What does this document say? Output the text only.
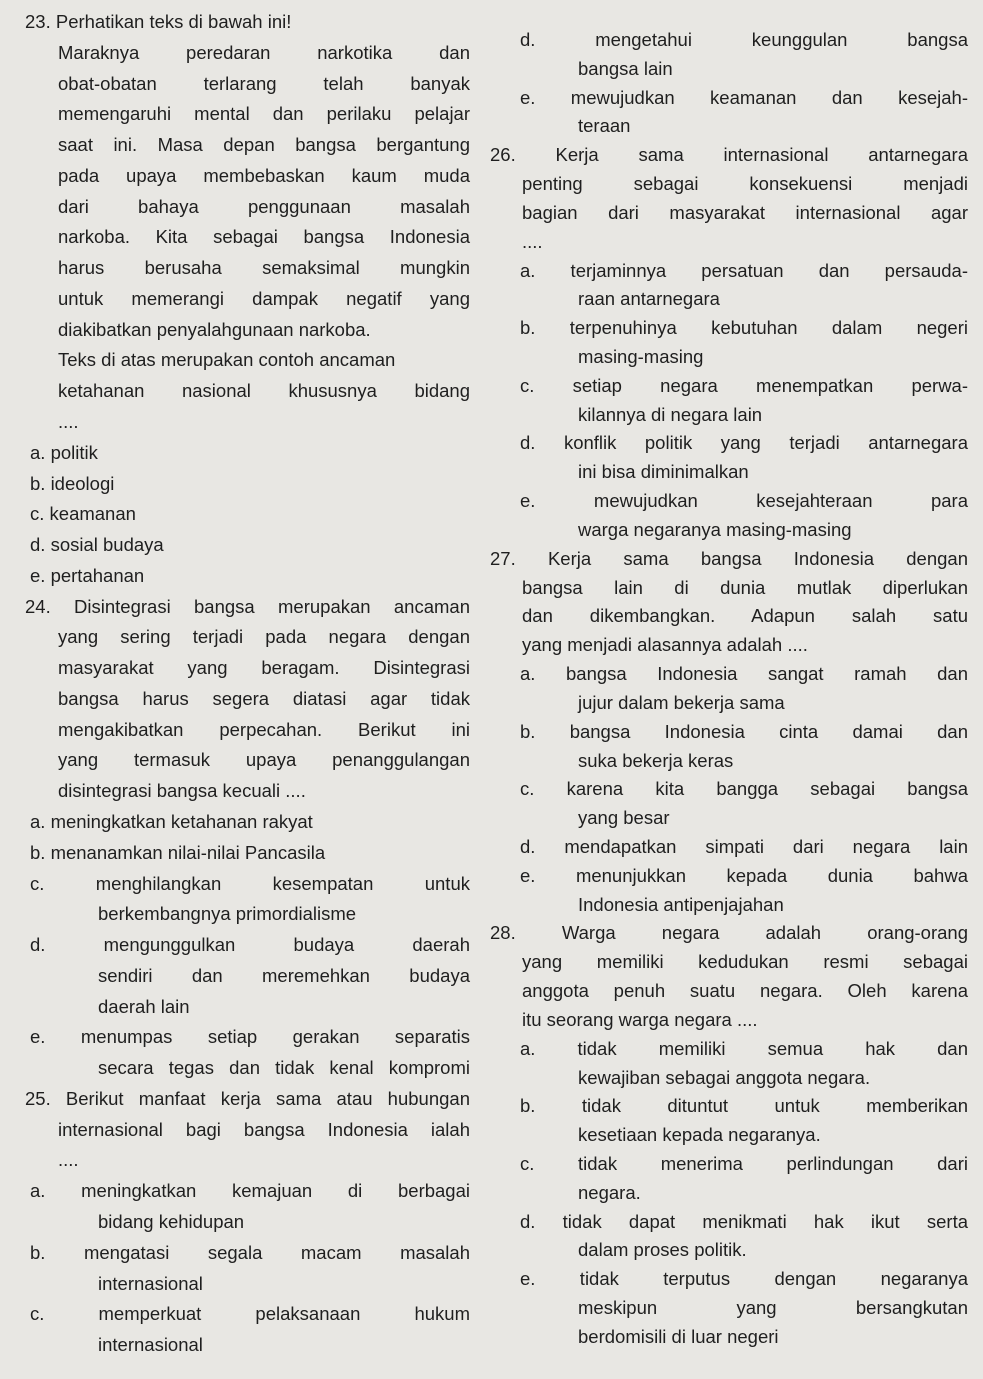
23. Perhatikan teks di bawah ini!
Maraknya peredaran narkotika dan
obat-obatan terlarang telah banyak
memengaruhi mental dan perilaku pelajar
saat ini. Masa depan bangsa bergantung
pada upaya membebaskan kaum muda
dari bahaya penggunaan masalah
narkoba. Kita sebagai bangsa Indonesia
harus berusaha semaksimal mungkin
untuk memerangi dampak negatif yang
diakibatkan penyalahgunaan narkoba.
Teks di atas merupakan contoh ancaman
ketahanan nasional khususnya bidang
....
a. politik
b. ideologi
c. keamanan
d. sosial budaya
e. pertahanan
24. Disintegrasi bangsa merupakan ancaman
yang sering terjadi pada negara dengan
masyarakat yang beragam. Disintegrasi
bangsa harus segera diatasi agar tidak
mengakibatkan perpecahan. Berikut ini
yang termasuk upaya penanggulangan
disintegrasi bangsa kecuali ....
a. meningkatkan ketahanan rakyat
b. menanamkan nilai-nilai Pancasila
c. menghilangkan kesempatan untuk
berkembangnya primordialisme
d. mengunggulkan budaya daerah
sendiri dan meremehkan budaya
daerah lain
e. menumpas setiap gerakan separatis
secara tegas dan tidak kenal kompromi
25. Berikut manfaat kerja sama atau hubungan
internasional bagi bangsa Indonesia ialah
....
a. meningkatkan kemajuan di berbagai
bidang kehidupan
b. mengatasi segala macam masalah
internasional
c. memperkuat pelaksanaan hukum
internasional
d. mengetahui keunggulan bangsa
bangsa lain
e. mewujudkan keamanan dan kesejah-
teraan
26. Kerja sama internasional antarnegara
penting sebagai konsekuensi menjadi
bagian dari masyarakat internasional agar
....
a. terjaminnya persatuan dan persauda-
raan antarnegara
b. terpenuhinya kebutuhan dalam negeri
masing-masing
c. setiap negara menempatkan perwa-
kilannya di negara lain
d. konflik politik yang terjadi antarnegara
ini bisa diminimalkan
e. mewujudkan kesejahteraan para
warga negaranya masing-masing
27. Kerja sama bangsa Indonesia dengan
bangsa lain di dunia mutlak diperlukan
dan dikembangkan. Adapun salah satu
yang menjadi alasannya adalah ....
a. bangsa Indonesia sangat ramah dan
jujur dalam bekerja sama
b. bangsa Indonesia cinta damai dan
suka bekerja keras
c. karena kita bangga sebagai bangsa
yang besar
d. mendapatkan simpati dari negara lain
e. menunjukkan kepada dunia bahwa
Indonesia antipenjajahan
28. Warga negara adalah orang-orang
yang memiliki kedudukan resmi sebagai
anggota penuh suatu negara. Oleh karena
itu seorang warga negara ....
a. tidak memiliki semua hak dan
kewajiban sebagai anggota negara.
b. tidak dituntut untuk memberikan
kesetiaan kepada negaranya.
c. tidak menerima perlindungan dari
negara.
d. tidak dapat menikmati hak ikut serta
dalam proses politik.
e. tidak terputus dengan negaranya
meskipun yang bersangkutan
berdomisili di luar negeri
